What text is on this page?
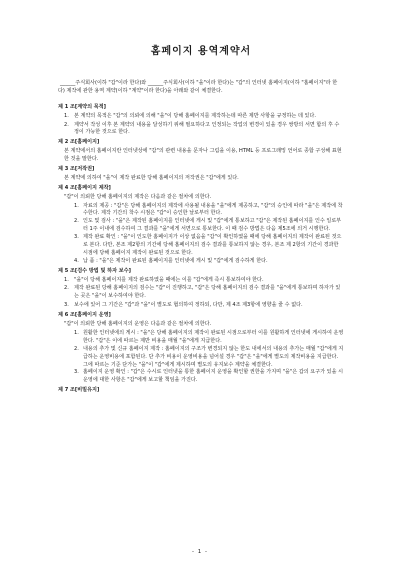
홈페이지 용역계약서
______주식회사(이하 "갑"이라 한다)와 ______주식회사(이하 "을"이라 한다)는 "갑"의 인터넷 홈페이지(이하 "홈페이지"라 한다) 제작에 관한 용역 계약(이하 "계약"이라 한다)을 아래와 같이 체결한다.
제 1 조[계약의 목적]
1.	본 계약의 목적은 "갑"의 의뢰에 의해 "을"이 당해 홈페이지를 제작하는데 따른 제반 사항을 규정하는 데 있다.
2.	계약서 작성 이후 본 계약의 내용을 달성하기 위해 필요하다고 인정되는 작업의 변경이 있을 경우 쌍방의 서면 합의 후 수정이 가능한 것으로 한다.
제 2 조[홈페이지]
본 계약에서의 홈페이지란 인터넷상에 "갑"의 관련 내용을 문자나 그림을 이용, HTML 등 프로그래밍 언어로 종합 구성해 표현한 것을 말한다.
제 3 조[저작권]
본 계약에 의하여 "을"이 제작 완료한 당해 홈페이지의 저작권은 "갑"에게 있다.
제 4 조[홈페이지 제작]
"갑"이 의뢰한 당해 홈페이지의 제작은 다음과 같은 절차에 의한다.
1. 자료의 제공 : "갑"은 당해 홈페이지의 제작에 사용될 내용을 "을"에게 제공하고, "갑"의 승인에 따라 "을"은 제작에 착수한다. 제작 기간의 착수 시점은 "갑"이 승인한 날로부터 한다.
2. 인도 및 검사 : "을"은 제작된 홈페이지를 인터넷에 게시 및 "갑"에게 통보하고 "갑"은 제작된 홈페이지를 인수 일로부터 1주 이내에 검수하여 그 결과를 "을"에게 서면으로 통보한다. 이 때 검수 방법은 다음 제5조에 의거 시행한다.
3. 제작 완료 확인 : "을"이 인도한 홈페이지가 이상 없음을 "갑"이 확인하였을 때에 당해 홈페이지의 제작이 완료된 것으로 본다. 다만, 본조 제2항의 기간에 당해 홈페이지의 검수 결과를 통보하지 않는 경우, 본조 제 2항의 기간이 경과한 시점에 당해 홈페이지 제작이 완료된 것으로 한다.
4. 납 품 : "을"은 제작이 완료된 홈페이지를 인터넷에 게시 및 "갑"에게 검수하게 한다.
제 5 조[검수 방법 및 하자 보수]
1.	"을"이 당해 홈페이지를 제작 완료하였을 때에는 이를 "갑"에게 즉시 통보하여야 한다.
2.	제작 완료된 당해 홈페이지의 검수는 "갑"이 진행하고, "갑"은 당해 홈페이지의 검수 결과를 "을"에게 통보하며 하자가 있는 곳은 "을"이 보수하여야 한다.
3.	보수에 있어 그 기간은 "갑"과 "을"이 별도로 협의하여 정하되, 다만, 제 4조 제3항에 영향을 줄 수 없다.
제 6 조[홈페이지 운영]
"갑"이 의뢰한 당해 홈페이지의 운영은 다음과 같은 절차에 의한다.
1. 원활한 인터넷에의 게시 : "을"은 당해 홈페이지의 제작이 완료된 시점으로부터 이를 원활하게 인터넷에 게시하여 운영한다. "갑"은 이에 따르는 제반 비용을 매월 "을"에게 지급한다.
2. 내용의 추가 및 신규 홈페이지 제작 : 홈페이지의 구조가 변경되지 않는 한도 내에서의 내용의 추가는 매월 "갑"에게 지급하는 운영비용에 포함된다. 단 추가 비용이 운영비용을 넘어설 경우 "갑"은 "을"에게 별도의 제작비용을 지급한다. 그에 따르는 기준 단가는 "을"이 "갑"에게 제시하며 별도의 유지보수 계약을 체결한다.
3. 홈페이지 운영 확인 : "갑"은 수시로 인터넷을 통한 홈페이지 운영을 확인할 권한을 가지며 "을"은 갑의 요구가 있을 시 운영에 대한 사항은 "갑"에게 보고할 책임을 가진다.
제 7 조[비밀유지]
- 1 -
